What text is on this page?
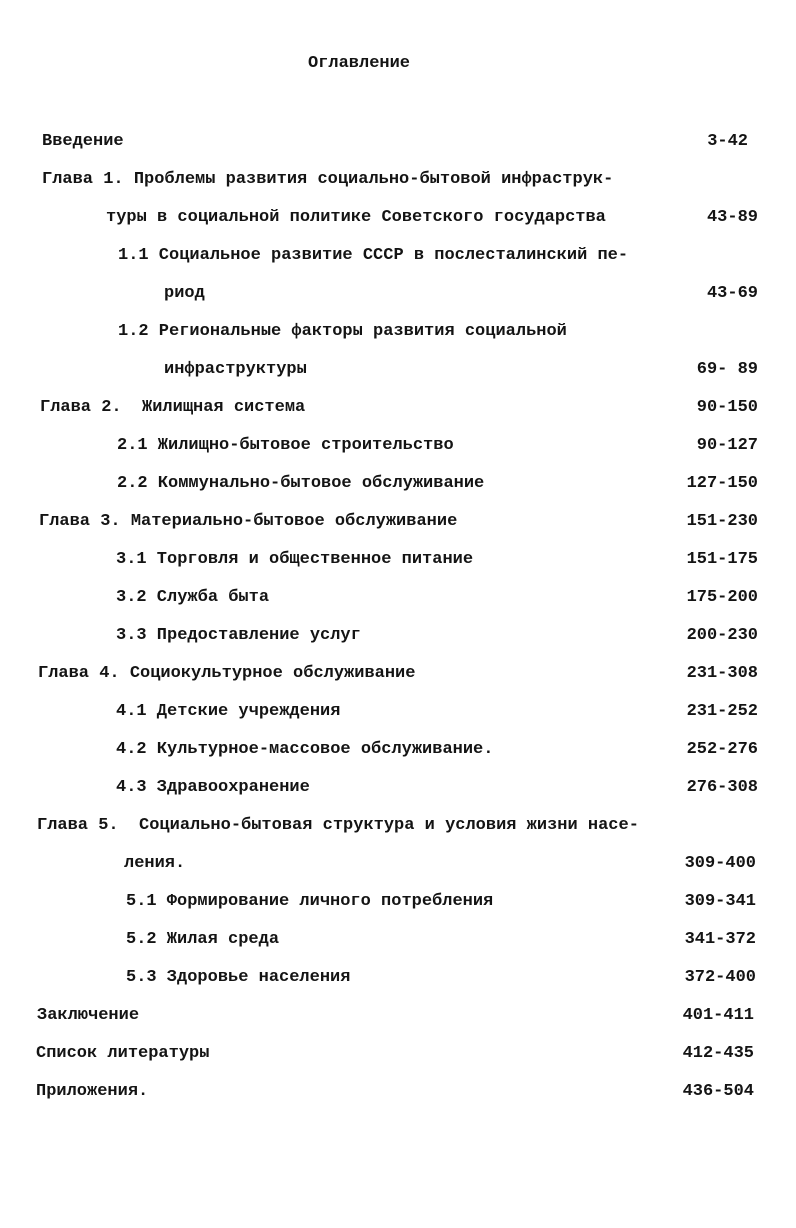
Оглавление
Введение	3-42
Глава 1. Проблемы развития социально-бытовой инфраструк-
туры в социальной политике Советского государства	43-89
1.1 Социальное развитие СССР в послесталинский пе-
риод	43-69
1.2 Региональные факторы развития социальной
инфраструктуры	69- 89
Глава 2.  Жилищная система	90-150
2.1 Жилищно-бытовое строительство	90-127
2.2 Коммунально-бытовое обслуживание	127-150
Глава 3. Материально-бытовое обслуживание	151-230
3.1 Торговля и общественное питание	151-175
3.2 Служба быта	175-200
3.3 Предоставление услуг	200-230
Глава 4. Социокультурное обслуживание	231-308
4.1 Детские учреждения	231-252
4.2 Культурное-массовое обслуживание.	252-276
4.3 Здравоохранение	276-308
Глава 5.  Социально-бытовая структура и условия жизни насе-
ления.	309-400
5.1 Формирование личного потребления	309-341
5.2 Жилая среда	341-372
5.3 Здоровье населения	372-400
Заключение	401-411
Список литературы	412-435
Приложения.	436-504
